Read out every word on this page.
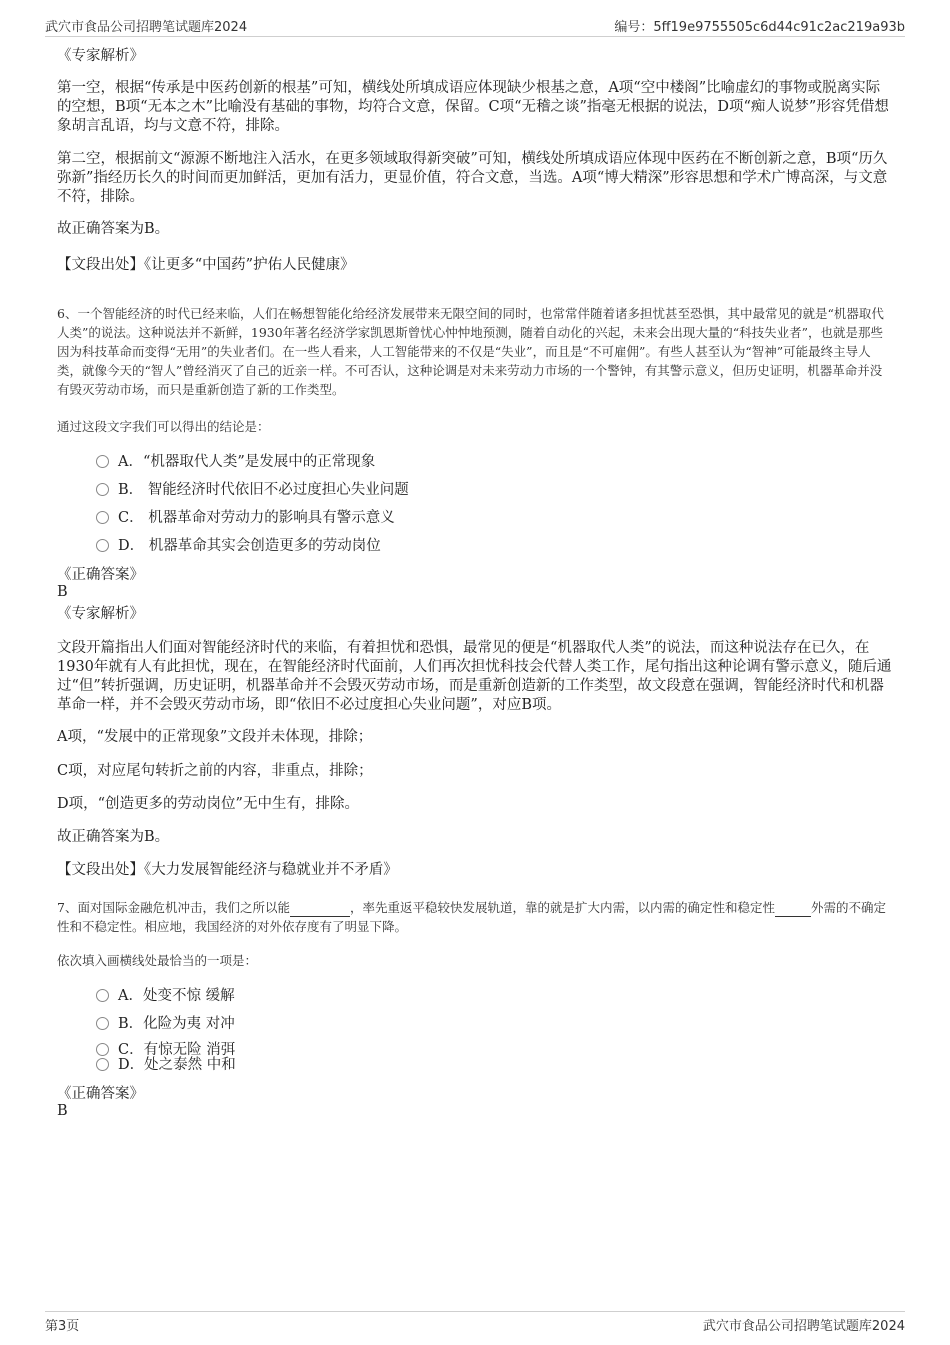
武穴市食品公司招聘笔试题库2024	编号：5ff19e9755505c6d44c91c2ac219a93b

《专家解析》

第一空，根据“传承是中医药创新的根基”可知，横线处所填成语应体现缺少根基之意，A项“空中楼阁”比喻虚幻的事物或脱离实际的空想，B项“无本之木”比喻没有基础的事物，均符合文意，保留。C项“无稽之谈”指毫无根据的说法，D项“痴人说梦”形容凭借想象胡言乱语，均与文意不符，排除。

第二空，根据前文“源源不断地注入活水，在更多领域取得新突破”可知，横线处所填成语应体现中医药在不断创新之意，B项“历久弥新”指经历长久的时间而更加鲜活，更加有活力，更显价值，符合文意，当选。A项“博大精深”形容思想和学术广博高深，与文意不符，排除。

故正确答案为B。

【文段出处】《让更多“中国药”护佑人民健康》

6、一个智能经济的时代已经来临，人们在畅想智能化给经济发展带来无限空间的同时，也常常伴随着诸多担忧甚至恐惧，其中最常见的就是“机器取代人类”的说法。这种说法并不新鲜，1930年著名经济学家凯恩斯曾忧心忡忡地预测，随着自动化的兴起，未来会出现大量的“科技失业者”，也就是那些因为科技革命而变得“无用”的失业者们。在一些人看来，人工智能带来的不仅是“失业”，而且是“不可雇佣”。有些人甚至认为“智神”可能最终主导人类，就像今天的“智人”曾经消灭了自己的近亲一样。不可否认，这种论调是对未来劳动力市场的一个警钟，有其警示意义，但历史证明，机器革命并没有毁灭劳动市场，而只是重新创造了新的工作类型。

通过这段文字我们可以得出的结论是：

A．“机器取代人类”是发展中的正常现象
B． 智能经济时代依旧不必过度担心失业问题
C． 机器革命对劳动力的影响具有警示意义
D． 机器革命其实会创造更多的劳动岗位
《正确答案》
B
《专家解析》

文段开篇指出人们面对智能经济时代的来临，有着担忧和恐惧，最常见的便是“机器取代人类”的说法，而这种说法存在已久，在1930年就有人有此担忧，现在，在智能经济时代面前，人们再次担忧科技会代替人类工作，尾句指出这种论调有警示意义，随后通过“但”转折强调，历史证明，机器革命并不会毁灭劳动市场，而是重新创造新的工作类型，故文段意在强调，智能经济时代和机器革命一样，并不会毁灭劳动市场，即“依旧不必过度担心失业问题”，对应B项。

A项，“发展中的正常现象”文段并未体现，排除；

C项，对应尾句转折之前的内容，非重点，排除；

D项，“创造更多的劳动岗位”无中生有，排除。

故正确答案为B。

【文段出处】《大力发展智能经济与稳就业并不矛盾》

7、面对国际金融危机冲击，我们之所以能	，率先重返平稳较快发展轨道，靠的就是扩大内需，以内需的确定性和稳定性	外需的不确定性和不稳定性。相应地，我国经济的对外依存度有了明显下降。

依次填入画横线处最恰当的一项是：

A．处变不惊 缓解
B．化险为夷 对冲
C．有惊无险 消弭
D．处之泰然 中和
《正确答案》
B
第3页	武穴市食品公司招聘笔试题库2024
